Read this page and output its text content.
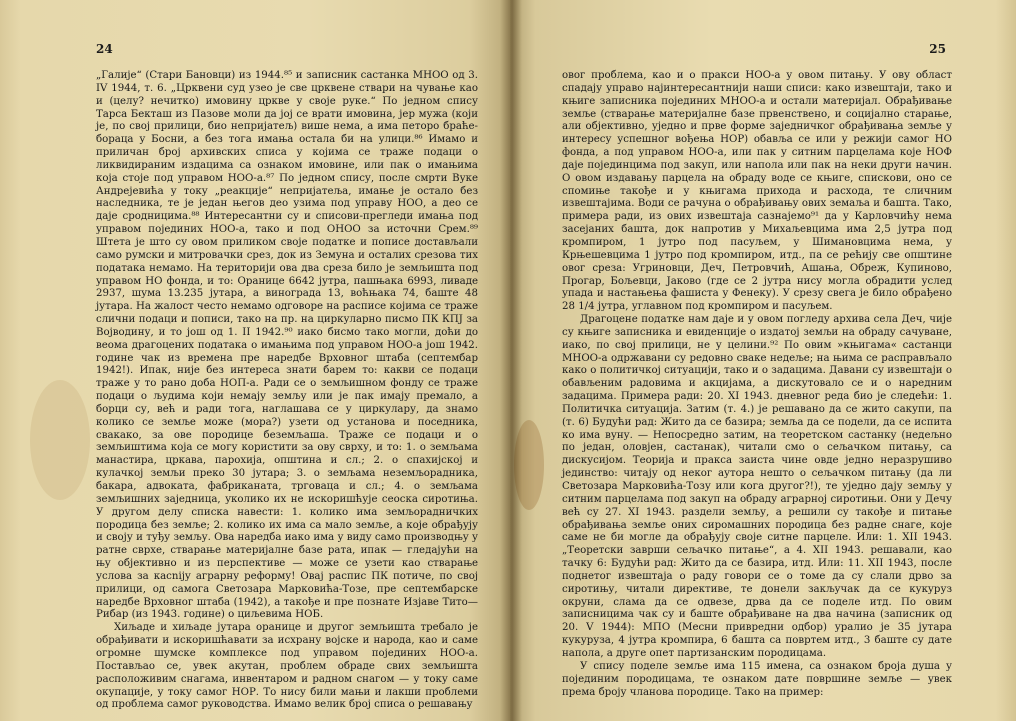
24

„Галије“ (Стари Бановци) из 1944.⁸⁵ и записник састанка МНОО од 3. IV 1944, т. 6. „Црквени суд узео је све црквене ствари на чување као и (целу? нечитко) имовину цркве у своје руке.“ По једном спису Тарса Бекташ из Пазове моли да јој се врати имовина, јер мужа (који је, по свој прилици, био непријатељ) више нема, а има петоро браће-бораца у Босни, а без тога имања остала би на улици.⁸⁶ Имамо и приличан број архивских списа у којима се траже подаци о ликвидираним издацима са ознаком имовине, или пак о имањима која стоје под управом НОО-а.⁸⁷ По једном спису, после смрти Вуке Андрејевића у току „реакције“ непријатеља, имање је остало без наследника, те је један његов део узима под управу НОО, а део се даје сродницима.⁸⁸ Интересантни су и списови-прегледи имања под управом појединих НОО-а, тако и под ОНОО за источни Срем.⁸⁹ Штета је што су овом приликом своје податке и пописе достављали само румски и митровачки срез, док из Земуна и осталих срезова тих података немамо. На територији ова два среза било је земљишта под управом НО фонда, и то: Оранице 6642 јутра, пашњака 6993, ливаде 2937, шума 13.235 јутара, а винограда 13, воћњака 74, баште 48 јутара. На жалост често немамо одговоре на расписе којима се траже слични подаци и пописи, тако на пр. на циркуларно писмо ПК КПЈ за Војводину, и то још од 1. II 1942.⁹⁰ иако бисмо тако могли, доћи до веома драгоцених података о имањима под управом НОО-а још 1942. године чак из времена пре наредбе Врховног штаба (септембар 1942!). Ипак, није без интереса знати барем то: какви се подаци траже у то рано доба НОП-а. Ради се о земљишном фонду се траже подаци о људима који немају земљу или је пак имају премало, а борци су, већ и ради тога, наглашава се у циркулару, да знамо колико се земље може (мора?) узети од установа и поседника, свакако, за ове породице беземљаша. Траже се подаци и о земљиштима која се могу користити за ову сврху, и то: 1. о земљама манастира, цркава, парохија, општина и сл.; 2. о спахијској и кулачкој земљи преко 30 јутара; 3. о земљама неземљорадника, бакара, адвоката, фабриканата, трговаца и сл.; 4. о земљама земљишних заједница, уколико их не искоришћује сеоска сиротиња. У другом делу списка навести: 1. колико има земљорадничких породица без земље; 2. колико их има са мало земље, а које обрађују и своју и туђу земљу. Ова наредба иако има у виду само производњу у ратне сврхе, стварање материјалне базе рата, ипак — гледајући на њу објективно и из перспективе — може се узети као стварање услова за касniју аграрну реформу! Овај распис ПК потиче, по свој прилици, од самога Светозара Марковића-Тозе, пре септембарске наредбе Врховног штаба (1942), а такође и пре познате Изјаве Тито—Рибар (из 1943. године) о циљевима НОБ.

Хиљаде и хиљаде јутара оранице и другог земљишта требало је обрађивати и искоришћавати за исхрану војске и народа, као и саме огромне шумске комплексе под управом појединих НОО-а. Постављао се, увек акутан, проблем обраде свих земљишта расположивим снагама, инвентаром и радном снагом — у току саме окупације, у току самог НОР. То нису били мањи и лакши проблеми од проблема самог руководства. Имамо велик број списа о решавању

25

овог проблема, као и о пракси НОО-а у овом питању. У ову област спадају управо најинтересантнији наши списи: како извештаји, тако и књиге записника појединих МНОО-а и остали материјал. Обрађивање земље (стварање материјалне базе првенствено, и социјално старање, али објективно, уједно и прве форме заједничког обрађивања земље у интересу успешног вођења НОР) обавља се или у режији самог НО фонда, а под управом НОО-а, или пак у ситним парцелама које НОФ даје појединцима под закуп, или напола или пак на неки други начин. О овом издавању парцела на обраду воде се књиге, спискови, оно се спомиње такође и у књигама прихода и расхода, те сличним извештајима. Води се рачуна о обрађивању ових земаља и башта. Тако, примера ради, из ових извештаја сазнајемо⁹¹ да у Карловчићу нема засејаних башта, док напротив у Михаљевцима има 2,5 јутра под кромпиром, 1 јутро под пасуљем, у Шимановцима нема, у Крњешевцима 1 јутро под кромпиром, итд., па се рећију све општине овог среза: Угриновци, Деч, Петровчић, Ашања, Обреж, Купиново, Прогар, Бољевци, Јаково (где се 2 јутра нису могла обрадити услед упада и настањења фашиста у Фенеку). У срезу свега је било обрађено 28 1/4 јутра, углавном под кромпиром и пасуљем.

Драгоцене податке нам даје и у овом погледу архива села Деч, чије су књиге записника и евиденције о издатој земљи на обраду сачуване, иако, по свој прилици, не у целини.⁹² По овим »књигама« састанци МНОО-а одржавани су редовно сваке недеље; на њима се расправљало како о политичкој ситуацији, тако и о задацима. Давани су извештаји о обављеним радовима и акцијама, а дискутовало се и о наредним задацима. Примера ради: 20. XI 1943. дневног реда био је следећи: 1. Политичка ситуација. Затим (т. 4.) је решавано да се жито сакупи, па (т. 6) Будући рад: Жито да се базира; земља да се подели, да се испита ко има вуну. — Непосредно затим, на теоретском састанку (недељно по један, оловјен, састанак), читали смо о сељачком питању, са дискусијом. Теорија и пракса заиста чине овде једно неразрушиво јединство: читају од неког аутора нешто о сељачком питању (да ли Светозара Марковића-Тозу или кога другог?!), те уједно дају земљу у ситним парцелама под закуп на обраду аграрној сиротињи. Они у Дечу већ су 27. XI 1943. раздели земљу, а решили су такође и питање обрађивања земље оних сиромашних породица без радне снаге, које саме не би могле да обрађују своје ситне парцеле. Или: 1. XII 1943. „Теоретски заврши сељачко питање“, а 4. XII 1943. решавали, као тачку 6: Будући рад: Жито да се базира, итд. Или: 11. XII 1943, после поднетог извештаја о раду говори се о томе да су слали дрво за сиротињу, читали директиве, те донели закључак да се кукуруз окруни, слама да се одвезе, дрва да се поделе итд. По овим записницима чак су и баште обрађиване на два начина (записник од 20. V 1944): МПО (Месни привредни одбор) уралио је 35 јутара кукуруза, 4 јутра кромпира, 6 башта са повртем итд., 3 баште су дате напола, а друге опет партизанским породицама.

У спису поделе земље има 115 имена, са ознаком броја душа у појединим породицама, те ознаком дате површине земље — увек према броју чланова породице. Тако на пример:
